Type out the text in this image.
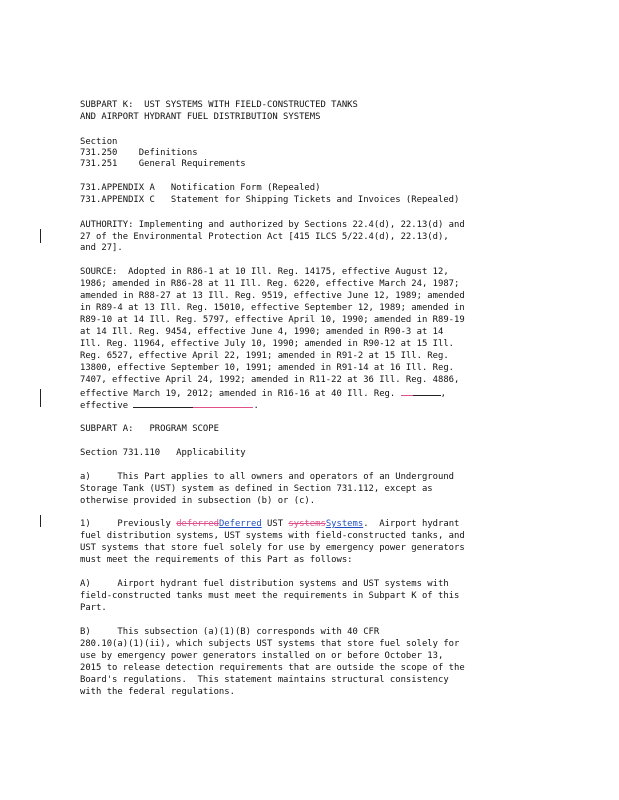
SUBPART K:  UST SYSTEMS WITH FIELD-CONSTRUCTED TANKS
AND AIRPORT HYDRANT FUEL DISTRIBUTION SYSTEMS
Section
731.250    Definitions
731.251    General Requirements
731.APPENDIX A   Notification Form (Repealed)
731.APPENDIX C   Statement for Shipping Tickets and Invoices (Repealed)
AUTHORITY: Implementing and authorized by Sections 22.4(d), 22.13(d) and
27 of the Environmental Protection Act [415 ILCS 5/22.4(d), 22.13(d),
and 27].
SOURCE:  Adopted in R86-1 at 10 Ill. Reg. 14175, effective August 12,
1986; amended in R86-28 at 11 Ill. Reg. 6220, effective March 24, 1987;
amended in R88-27 at 13 Ill. Reg. 9519, effective June 12, 1989; amended
in R89-4 at 13 Ill. Reg. 15010, effective September 12, 1989; amended in
R89-10 at 14 Ill. Reg. 5797, effective April 10, 1990; amended in R89-19
at 14 Ill. Reg. 9454, effective June 4, 1990; amended in R90-3 at 14
Ill. Reg. 11964, effective July 10, 1990; amended in R90-12 at 15 Ill.
Reg. 6527, effective April 22, 1991; amended in R91-2 at 15 Ill. Reg.
13800, effective September 10, 1991; amended in R91-14 at 16 Ill. Reg.
7407, effective April 24, 1992; amended in R11-22 at 36 Ill. Reg. 4886,
effective March 19, 2012; amended in R16-16 at 40 Ill. Reg.	,
effective	.
SUBPART A:   PROGRAM SCOPE
Section 731.110   Applicability
a)     This Part applies to all owners and operators of an Underground
Storage Tank (UST) system as defined in Section 731.112, except as
otherwise provided in subsection (b) or (c).
1)     Previously deferredDeferred UST systemsSystems.  Airport hydrant
fuel distribution systems, UST systems with field-constructed tanks, and
UST systems that store fuel solely for use by emergency power generators
must meet the requirements of this Part as follows:
A)     Airport hydrant fuel distribution systems and UST systems with
field-constructed tanks must meet the requirements in Subpart K of this
Part.
B)     This subsection (a)(1)(B) corresponds with 40 CFR
280.10(a)(1)(ii), which subjects UST systems that store fuel solely for
use by emergency power generators installed on or before October 13,
2015 to release detection requirements that are outside the scope of the
Board's regulations.  This statement maintains structural consistency
with the federal regulations.
